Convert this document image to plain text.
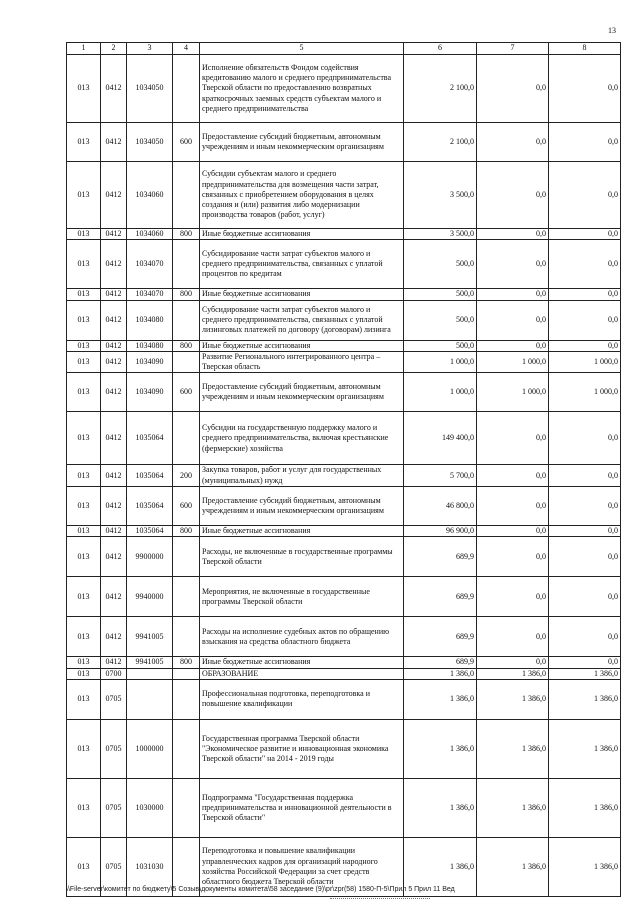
13
1	2	3	4	5	6	7	8
013	0412	1034050		Исполнение обязательств Фондом содействия кредитованию малого и среднего предпринимательства Тверской области по предоставлению возвратных краткосрочных заемных средств субъектам малого и среднего предпринимательства	2 100,0	0,0	0,0
013	0412	1034050	600	Предоставление субсидий бюджетным, автономным учреждениям и иным некоммерческим организациям	2 100,0	0,0	0,0
013	0412	1034060		Субсидии субъектам малого и среднего предпринимательства для возмещения части затрат, связанных с приобретением оборудования в целях создания и (или) развития либо модернизации производства товаров (работ, услуг)	3 500,0	0,0	0,0
013	0412	1034060	800	Иные бюджетные ассигнования	3 500,0	0,0	0,0
013	0412	1034070		Субсидирование части затрат субъектов малого и среднего предпринимательства, связанных с уплатой процентов по кредитам	500,0	0,0	0,0
013	0412	1034070	800	Иные бюджетные ассигнования	500,0	0,0	0,0
013	0412	1034080		Субсидирование части затрат субъектов малого и среднего предпринимательства, связанных с уплатой лизинговых платежей по договору (договорам) лизинга	500,0	0,0	0,0
013	0412	1034080	800	Иные бюджетные ассигнования	500,0	0,0	0,0
013	0412	1034090		Развитие Регионального интегрированного центра – Тверская область	1 000,0	1 000,0	1 000,0
013	0412	1034090	600	Предоставление субсидий бюджетным, автономным учреждениям и иным некоммерческим организациям	1 000,0	1 000,0	1 000,0
013	0412	1035064		Субсидии на государственную поддержку малого и среднего предпринимательства, включая крестьянские (фермерские) хозяйства	149 400,0	0,0	0,0
013	0412	1035064	200	Закупка товаров, работ и услуг для государственных (муниципальных) нужд	5 700,0	0,0	0,0
013	0412	1035064	600	Предоставление субсидий бюджетным, автономным учреждениям и иным некоммерческим организациям	46 800,0	0,0	0,0
013	0412	1035064	800	Иные бюджетные ассигнования	96 900,0	0,0	0,0
013	0412	9900000		Расходы, не включенные в государственные программы Тверской области	689,9	0,0	0,0
013	0412	9940000		Мероприятия, не включенные в государственные программы Тверской области	689,9	0,0	0,0
013	0412	9941005		Расходы на исполнение судебных актов по обращению взыскания на средства областного бюджета	689,9	0,0	0,0
013	0412	9941005	800	Иные бюджетные ассигнования	689,9	0,0	0,0
013	0700			ОБРАЗОВАНИЕ	1 386,0	1 386,0	1 386,0
013	0705			Профессиональная подготовка, переподготовка и повышение квалификации	1 386,0	1 386,0	1 386,0
013	0705	1000000		Государственная программа Тверской области "Экономическое развитие и инновационная экономика Тверской области" на 2014 - 2019 годы	1 386,0	1 386,0	1 386,0
013	0705	1030000		Подпрограмма "Государственная поддержка предпринимательства и инновационной деятельности в Тверской области"	1 386,0	1 386,0	1 386,0
013	0705	1031030		Переподготовка и повышение квалификации управленческих кадров для организаций народного хозяйства Российской Федерации за счет средств областного бюджета Тверской области	1 386,0	1 386,0	1 386,0
\\File-server\комитет по бюджету\5 Созыв\документы комитета\58 заседание (9)\pr\zpr(58) 1580-П-5\Прил 5 Прил 11 Вед
